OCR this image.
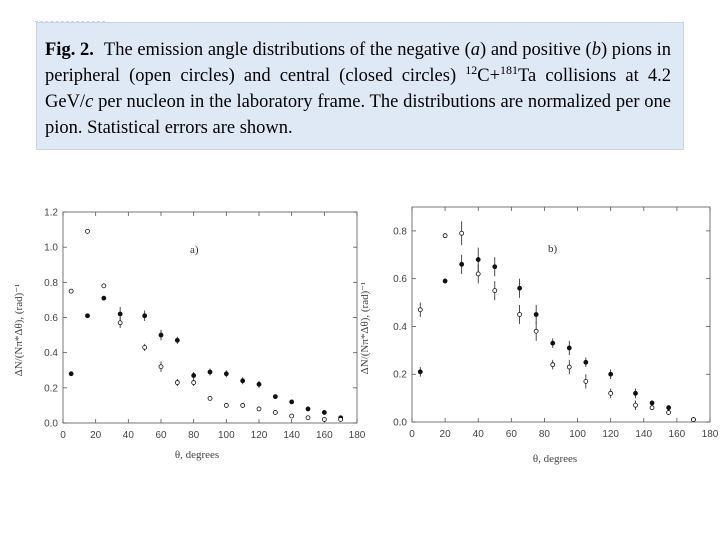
Fig. 2. The emission angle distributions of the negative (a) and positive (b) pions in peripheral (open circles) and central (closed circles) $^{12}$C+$^{181}$Ta collisions at 4.2 GeV/c per nucleon in the laboratory frame. The distributions are normalized per one pion. Statistical errors are shown.

0 20 40 60 80 100 120 140 160 180
0.0
0.2
0.4
0.6
0.8
1.0
1.2
θ, degrees
ΔN/(Nπ*Δθ), (rad)⁻¹
a)
0 20 40 60 80 100 120 140 160 180
0.0
0.2
0.4
0.6
0.8
θ, degrees
ΔN/(Nπ*Δθ), (rad)⁻¹
b)
